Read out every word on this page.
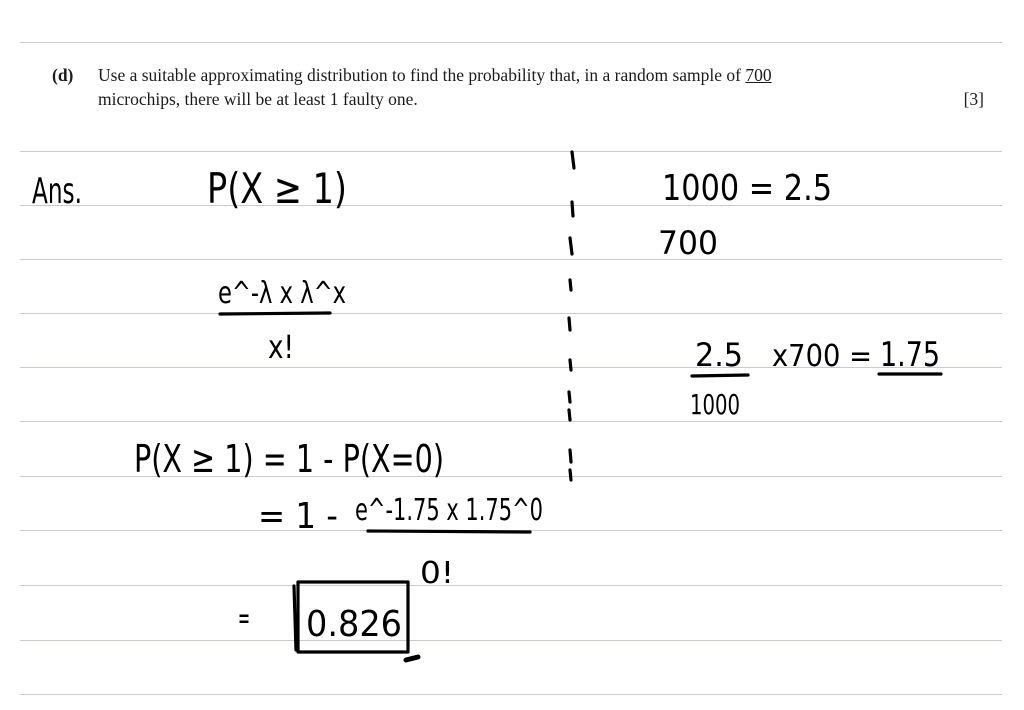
(d) Use a suitable approximating distribution to find the probability that, in a random sample of 700
microchips, there will be at least 1 faulty one.	[3]
Ans.	P(X ≥ 1)
e^-λ x λ^x
x!
1000 = 2.5
700
2.5
1000
x700 = 1.75
P(X ≥ 1) = 1 - P(X=0)
= 1 - e^-1.75 x 1.75^0
0!
= 0.826
